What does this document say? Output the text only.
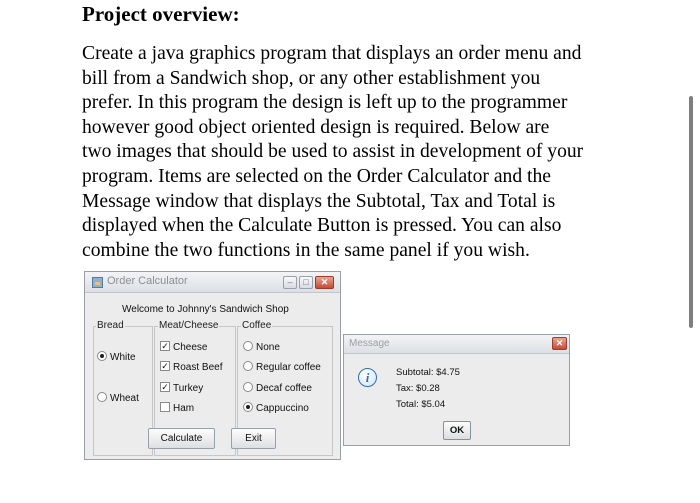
Project overview:
Create a java graphics program that displays an order menu and
bill from a Sandwich shop, or any other establishment you
prefer. In this program the design is left up to the programmer
however good object oriented design is required. Below are
two images that should be used to assist in development of your
program. Items are selected on the Order Calculator and the
Message window that displays the Subtotal, Tax and Total is
displayed when the Calculate Button is pressed. You can also
combine the two functions in the same panel if you wish.
Order Calculator	–	□	✕
Welcome to Johnny's Sandwich Shop
Bread	Meat/Cheese Coffee
White
Wheat
✓ Cheese
✓ Roast Beef
✓ Turkey
Ham
None
Regular coffee
Decaf coffee
Cappuccino
Calculate	Exit
Message	✕
i	Subtotal: $4.75
Tax: $0.28
Total: $5.04
OK
